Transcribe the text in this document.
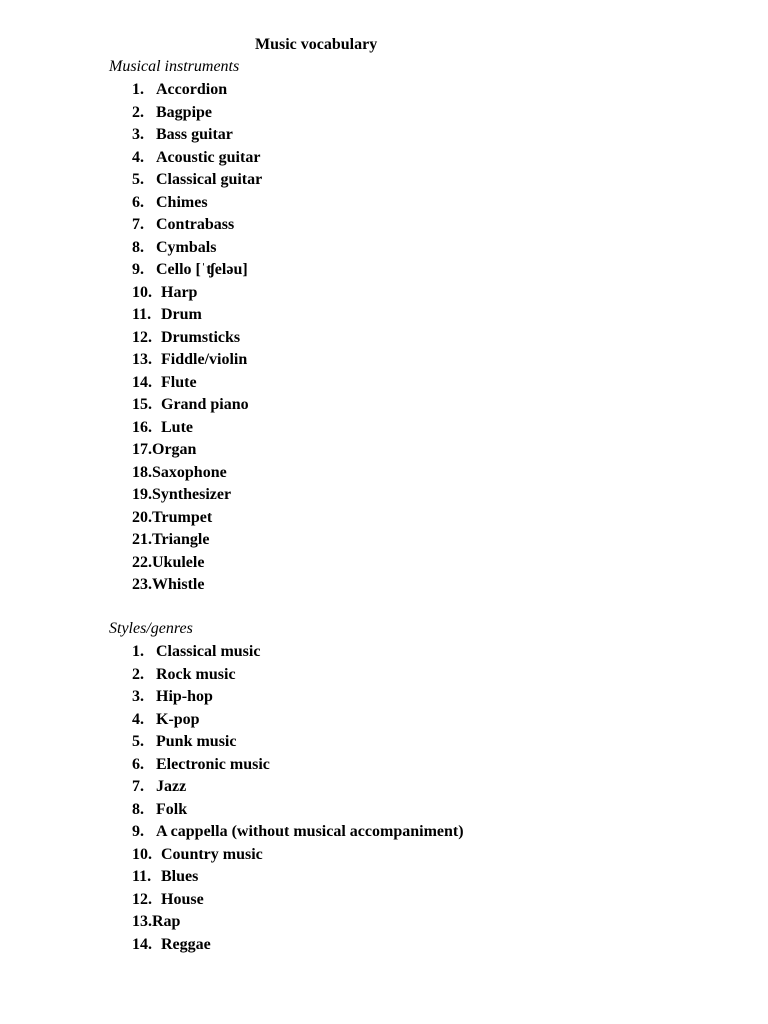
Music vocabulary
Musical instruments
1. Accordion
2. Bagpipe
3. Bass guitar
4. Acoustic guitar
5. Classical guitar
6. Chimes
7. Contrabass
8. Cymbals
9. Cello [ˈʧeləu]
10. Harp
11. Drum
12. Drumsticks
13. Fiddle/violin
14. Flute
15. Grand piano
16. Lute
17.Organ
18.Saxophone
19.Synthesizer
20.Trumpet
21.Triangle
22.Ukulele
23.Whistle
Styles/genres
1. Classical music
2. Rock music
3. Hip-hop
4. K-pop
5. Punk music
6. Electronic music
7. Jazz
8. Folk
9. A cappella (without musical accompaniment)
10. Country music
11. Blues
12. House
13.Rap
14. Reggae
